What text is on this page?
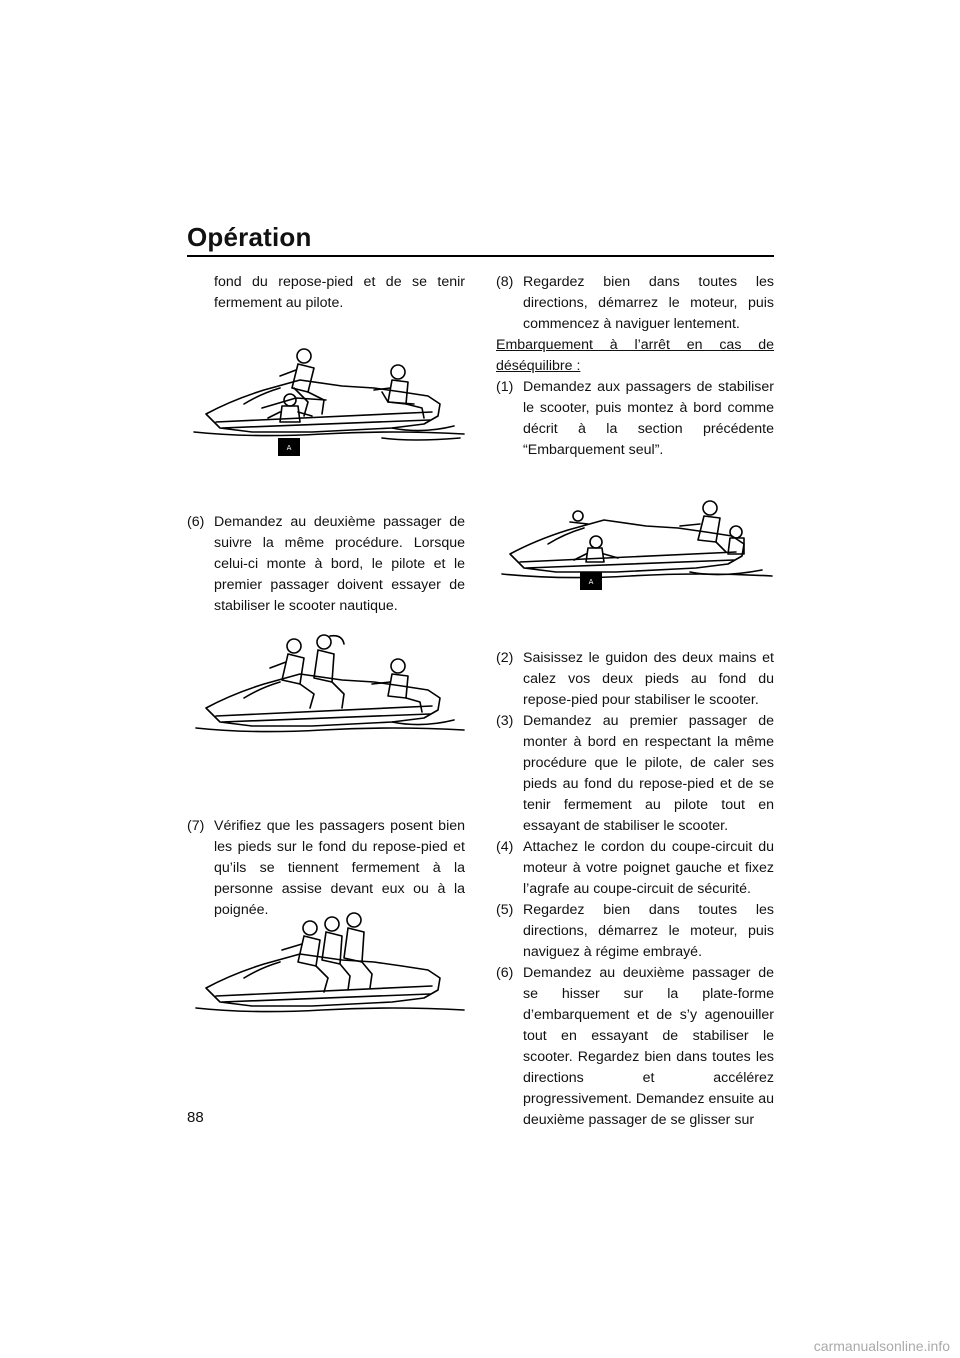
Opération

fond du repose-pied et de se tenir fermement au pilote.

(6) Demandez au deuxième passager de suivre la même procédure. Lorsque celui-ci monte à bord, le pilote et le premier passager doivent essayer de stabiliser le scooter nautique.
(7) Vérifiez que les passagers posent bien les pieds sur le fond du repose-pied et qu’ils se tiennent fermement à la personne assise devant eux ou à la poignée.
(8) Regardez bien dans toutes les directions, démarrez le moteur, puis commencez à naviguer lentement.

Embarquement à l’arrêt en cas de

déséquilibre :

(1) Demandez aux passagers de stabiliser le scooter, puis montez à bord comme décrit à la section précédente “Embarquement seul”.
(2) Saisissez le guidon des deux mains et calez vos deux pieds au fond du repose-pied pour stabiliser le scooter.
(3) Demandez au premier passager de monter à bord en respectant la même procédure que le pilote, de caler ses pieds au fond du repose-pied et de se tenir fermement au pilote tout en essayant de stabiliser le scooter.
(4) Attachez le cordon du coupe-circuit du moteur à votre poignet gauche et fixez l’agrafe au coupe-circuit de sécurité.
(5) Regardez bien dans toutes les directions, démarrez le moteur, puis naviguez à régime embrayé.
(6) Demandez au deuxième passager de se hisser sur la plate-forme d’embarquement et de s’y agenouiller tout en essayant de stabiliser le scooter. Regardez bien dans toutes les directions et accélérez progressivement. Demandez ensuite au deuxième passager de se glisser sur
A
A
88
carmanualsonline.info
